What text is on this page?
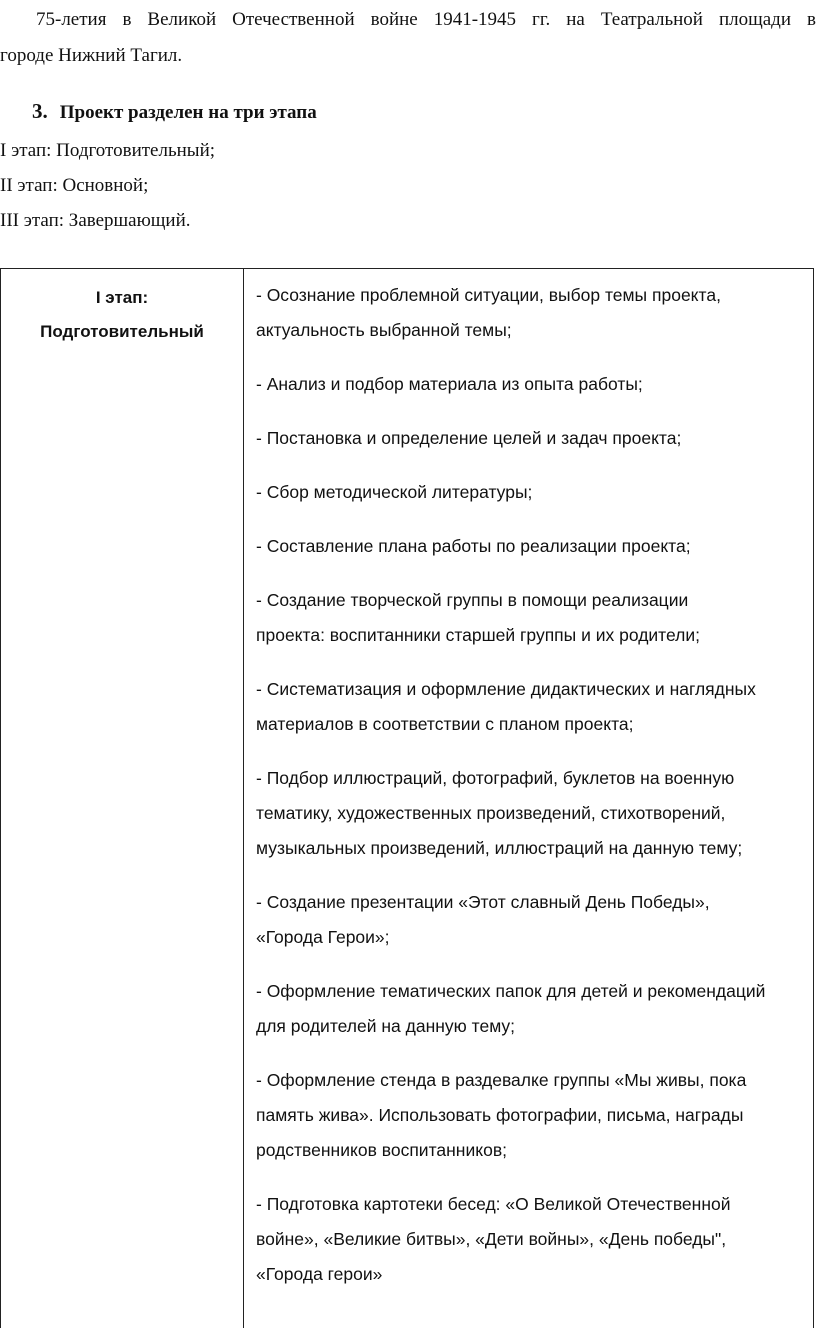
75-летия в Великой Отечественной войне 1941-1945 гг. на Театральной площади в

городе Нижний Тагил.

3. Проект разделен на три этапа
I этап: Подготовительный;
II этап: Основной;
III этап: Завершающий.
I этап:
Подготовительный
- Осознание проблемной ситуации, выбор темы проекта,
актуальность выбранной темы;
- Анализ и подбор материала из опыта работы;
- Постановка и определение целей и задач проекта;
- Сбор методической литературы;
- Составление плана работы по реализации проекта;
- Создание творческой группы в помощи реализации
проекта: воспитанники старшей группы и их родители;
- Систематизация и оформление дидактических и наглядных
материалов в соответствии с планом проекта;
- Подбор иллюстраций, фотографий, буклетов на военную
тематику, художественных произведений, стихотворений,
музыкальных произведений, иллюстраций на данную тему;
- Создание презентации «Этот славный День Победы»,
«Города Герои»;
- Оформление тематических папок для детей и рекомендаций
для родителей на данную тему;
- Оформление стенда в раздевалке группы «Мы живы, пока
память жива». Использовать фотографии, письма, награды
родственников воспитанников;
- Подготовка картотеки бесед: «О Великой Отечественной
войне», «Великие битвы», «Дети войны», «День победы",
«Города герои»
